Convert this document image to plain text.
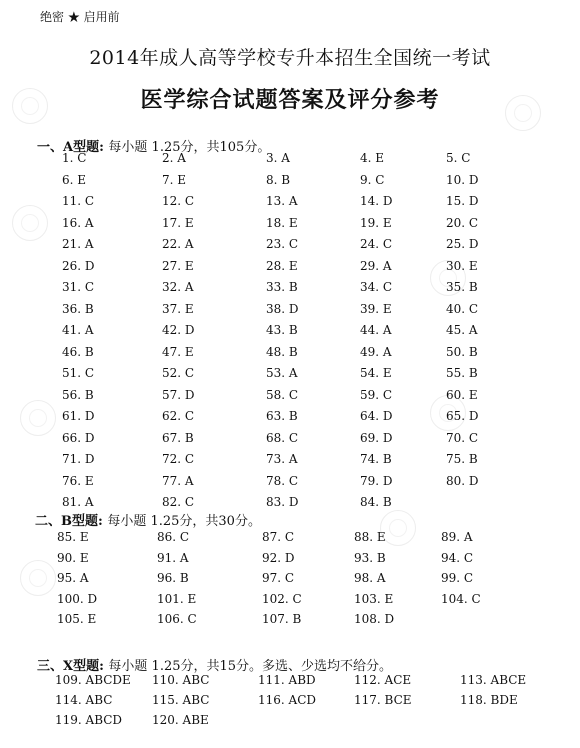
绝密 ★ 启用前
2014年成人高等学校专升本招生全国统一考试
医学综合试题答案及评分参考
一、A型题: 每小题 1.25分，共105分。
二、B型题: 每小题 1.25分，共30分。
三、X型题: 每小题 1.25分，共15分。多选、少选均不给分。
1. C	2. A	3. A	4. E	5. C
6. E	7. E	8. B	9. C	10. D
11. C	12. C	13. A	14. D	15. D
16. A	17. E	18. E	19. E	20. C
21. A	22. A	23. C	24. C	25. D
26. D	27. E	28. E	29. A	30. E
31. C	32. A	33. B	34. C	35. B
36. B	37. E	38. D	39. E	40. C
41. A	42. D	43. B	44. A	45. A
46. B	47. E	48. B	49. A	50. B
51. C	52. C	53. A	54. E	55. B
56. B	57. D	58. C	59. C	60. E
61. D	62. C	63. B	64. D	65. D
66. D	67. B	68. C	69. D	70. C
71. D	72. C	73. A	74. B	75. B
76. E	77. A	78. C	79. D	80. D
81. A	82. C	83. D	84. B
85. E	86. C	87. C	88. E	89. A
90. E	91. A	92. D	93. B	94. C
95. A	96. B	97. C	98. A	99. C
100. D	101. E	102. C	103. E	104. C
105. E	106. C	107. B	108. D
109. ABCDE 110. ABC	111. ABD	112. ACE	113. ABCE
114. ABC	115. ABC	116. ACD	117. BCE	118. BDE
119. ABCD 120. ABE
